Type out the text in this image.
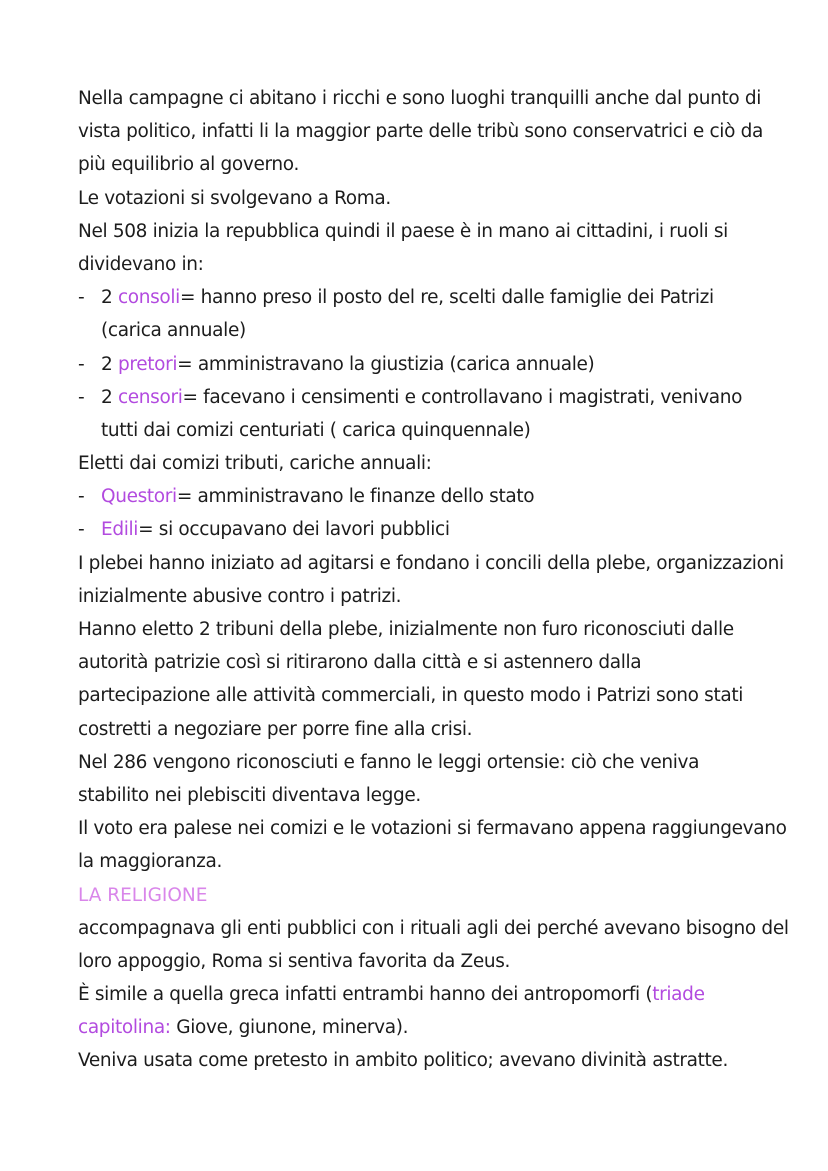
Nella campagne ci abitano i ricchi e sono luoghi tranquilli anche dal punto di
vista politico, infatti li la maggior parte delle tribù sono conservatrici e ciò da
più equilibrio al governo.
Le votazioni si svolgevano a Roma.
Nel 508 inizia la repubblica quindi il paese è in mano ai cittadini, i ruoli si
dividevano in:
- 2 consoli= hanno preso il posto del re, scelti dalle famiglie dei Patrizi
(carica annuale)
- 2 pretori= amministravano la giustizia (carica annuale)
- 2 censori= facevano i censimenti e controllavano i magistrati, venivano
tutti dai comizi centuriati ( carica quinquennale)
Eletti dai comizi tributi, cariche annuali:
- Questori= amministravano le finanze dello stato
- Edili= si occupavano dei lavori pubblici
I plebei hanno iniziato ad agitarsi e fondano i concili della plebe, organizzazioni
inizialmente abusive contro i patrizi.
Hanno eletto 2 tribuni della plebe, inizialmente non furo riconosciuti dalle
autorità patrizie così si ritirarono dalla città e si astennero dalla
partecipazione alle attività commerciali, in questo modo i Patrizi sono stati
costretti a negoziare per porre fine alla crisi.
Nel 286 vengono riconosciuti e fanno le leggi ortensie: ciò che veniva
stabilito nei plebisciti diventava legge.
Il voto era palese nei comizi e le votazioni si fermavano appena raggiungevano
la maggioranza.
LA RELIGIONE
accompagnava gli enti pubblici con i rituali agli dei perché avevano bisogno del
loro appoggio, Roma si sentiva favorita da Zeus.
È simile a quella greca infatti entrambi hanno dei antropomorfi (triade
capitolina: Giove, giunone, minerva).
Veniva usata come pretesto in ambito politico; avevano divinità astratte.
